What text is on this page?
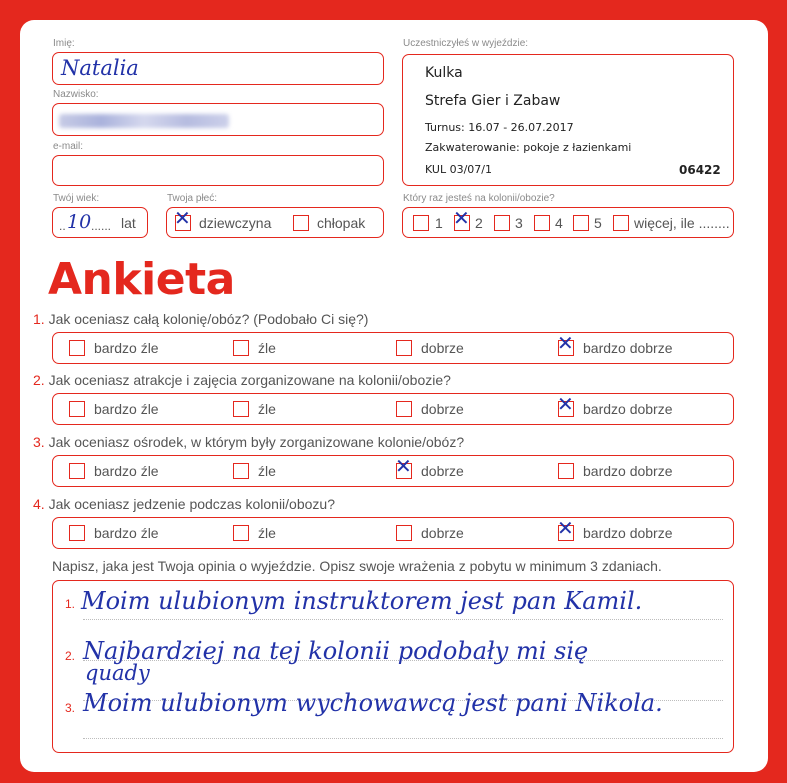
Imię:
Natalia
Nazwisko:
e-mail:
Twój wiek:
.. 10 ...... lat
Twoja płeć:
✕ dziewczyna	chłopak
Uczestniczyłeś w wyjeździe:
Kulka
Strefa Gier i Zabaw
Turnus: 16.07 - 26.07.2017
Zakwaterowanie: pokoje z łazienkami
KUL 03/07/1	06422
Który raz jesteś na kolonii/obozie?
1 ✕ 2 3 4 5 więcej, ile ........
Ankieta
1. Jak oceniasz całą kolonię/obóz? (Podobało Ci się?)
bardzo źle	źle	dobrze	✕ bardzo dobrze
2. Jak oceniasz atrakcje i zajęcia zorganizowane na kolonii/obozie?
bardzo źle	źle	dobrze	✕ bardzo dobrze
3. Jak oceniasz ośrodek, w którym były zorganizowane kolonie/obóz?
bardzo źle	źle	✕ dobrze	bardzo dobrze
4. Jak oceniasz jedzenie podczas kolonii/obozu?
bardzo źle	źle	dobrze	✕ bardzo dobrze
Napisz, jaka jest Twoja opinia o wyjeździe. Opisz swoje wrażenia z pobytu w minimum 3 zdaniach.
1. Moim ulubionym instruktorem jest pan Kamil.
2. Najbardziej na tej kolonii podobały mi się
quady
3. Moim ulubionym wychowawcą jest pani Nikola.
